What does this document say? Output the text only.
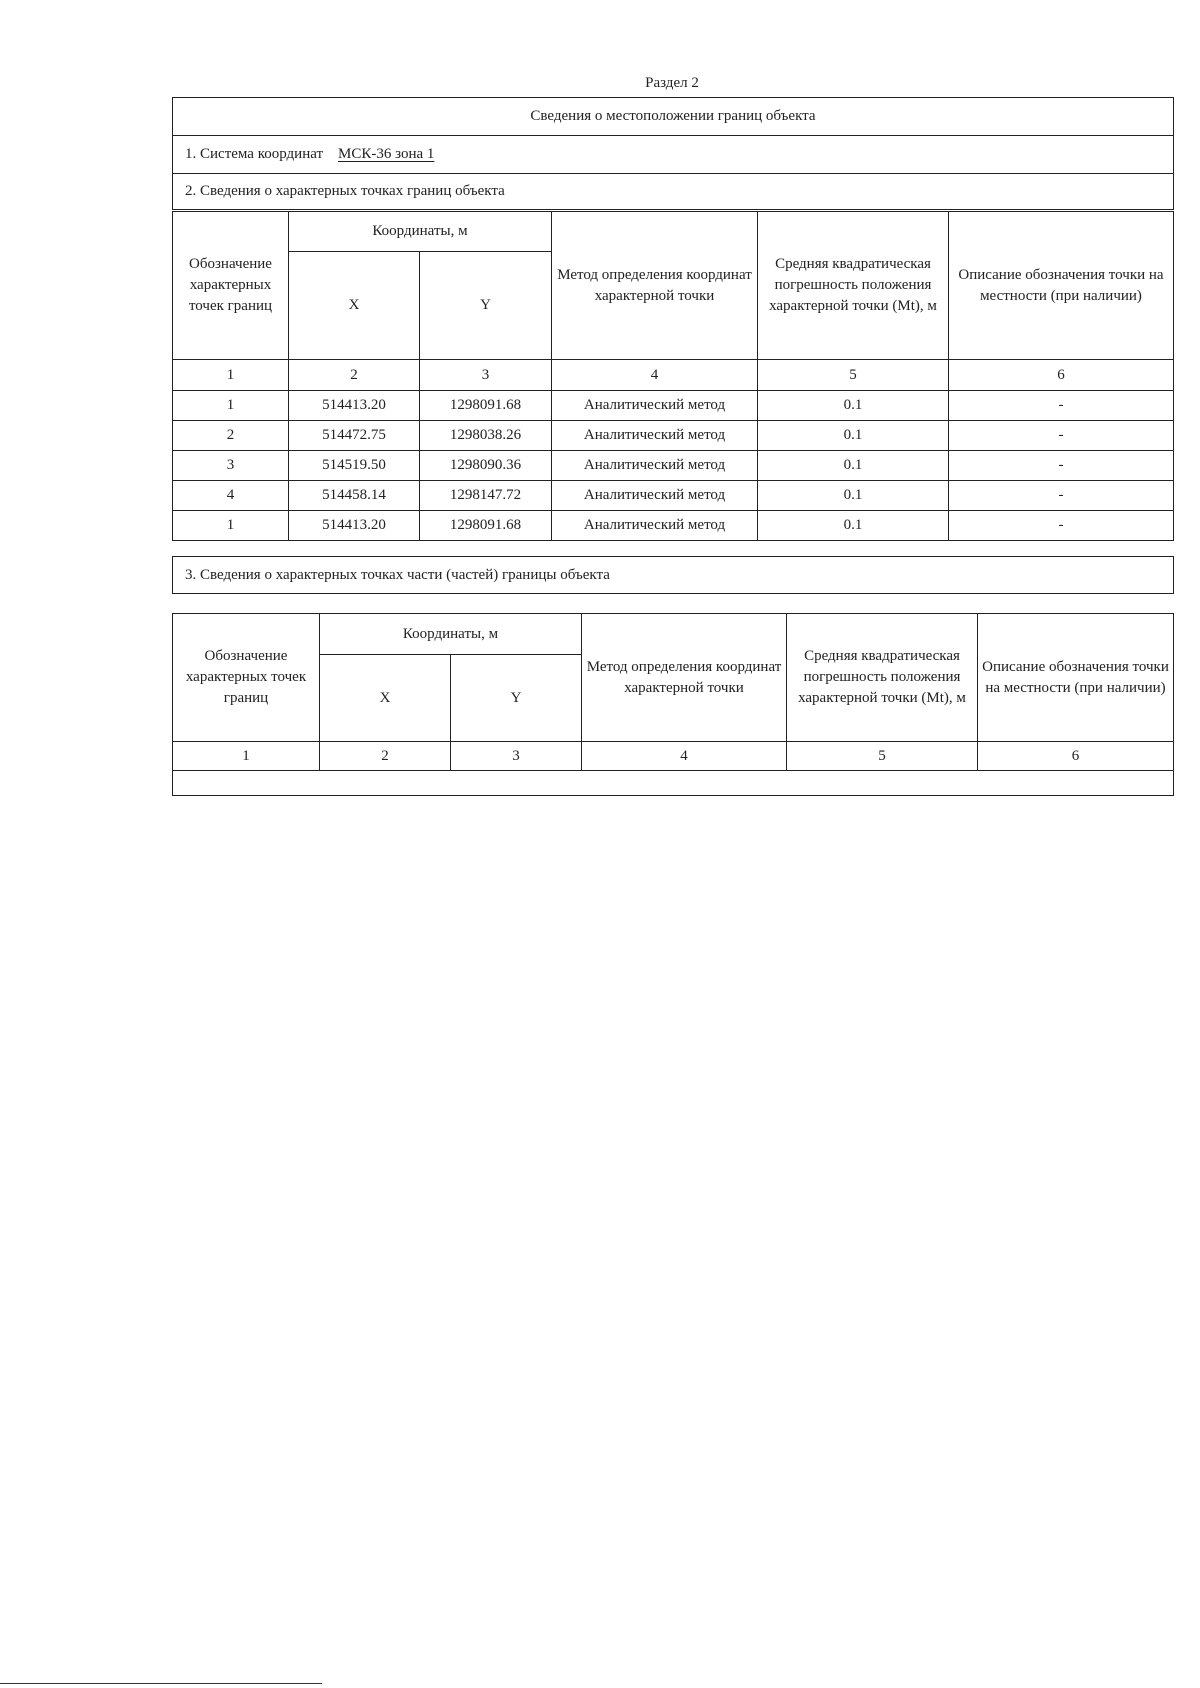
Раздел 2
Сведения о местоположении границ объекта
1. Система координат МСК-36 зона 1
2. Сведения о характерных точках границ объекта
Обозначение характерных точек границ	Координаты, м		Метод определения координат характерной точки	Средняя квадратическая погрешность положения характерной точки (Mt), м	Описание обозначения точки на местности (при наличии)
	X	Y			
1	2	3	4	5	6
1	514413.20	1298091.68	Аналитический метод	0.1	-
2	514472.75	1298038.26	Аналитический метод	0.1	-
3	514519.50	1298090.36	Аналитический метод	0.1	-
4	514458.14	1298147.72	Аналитический метод	0.1	-
1	514413.20	1298091.68	Аналитический метод	0.1	-
3. Сведения о характерных точках части (частей) границы объекта
Обозначение характерных точек границ	Координаты, м		Метод определения координат характерной точки	Средняя квадратическая погрешность положения характерной точки (Mt), м	Описание обозначения точки на местности (при наличии)
	X	Y			
1	2	3	4	5	6
